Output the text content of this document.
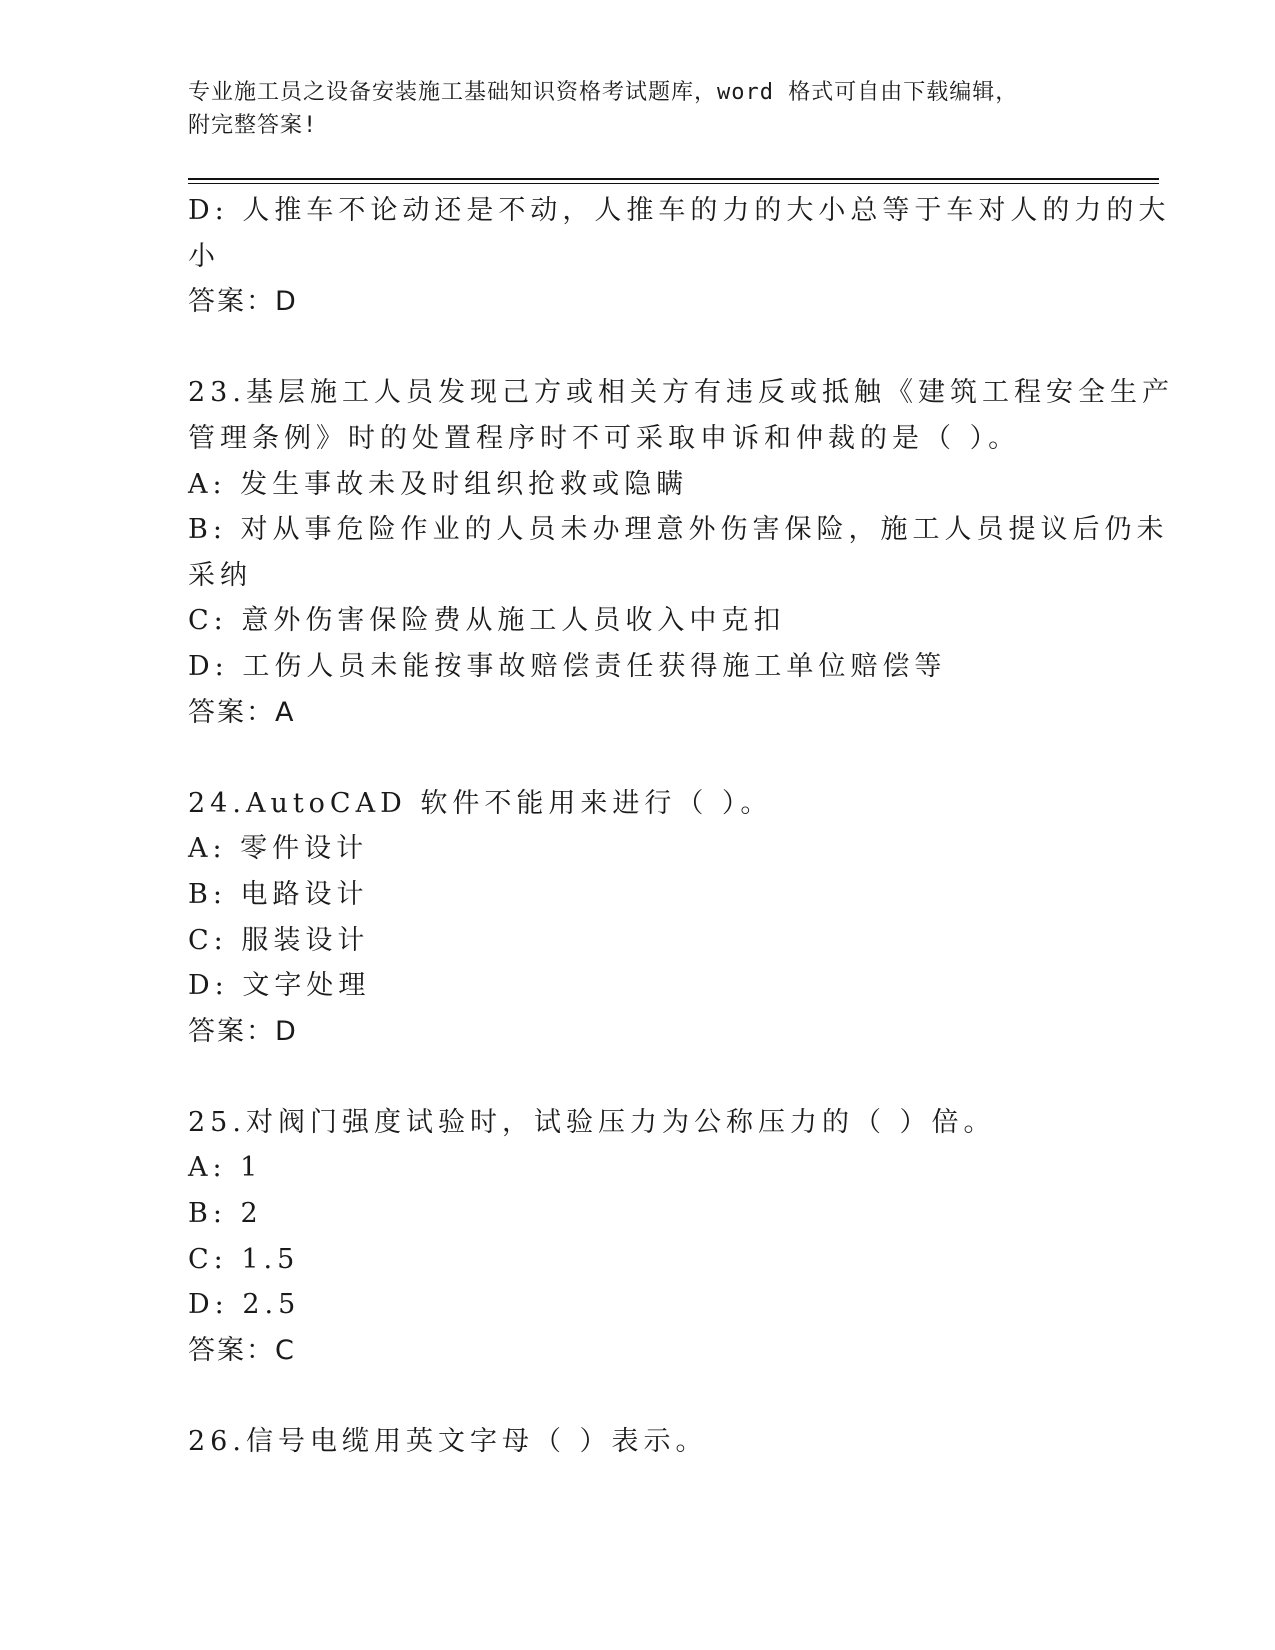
专业施工员之设备安装施工基础知识资格考试题库，word 格式可自由下载编辑，
附完整答案!
D: 人推车不论动还是不动，人推车的力的大小总等于车对人的力的大
小
答案：D
23.基层施工人员发现己方或相关方有违反或抵触《建筑工程安全生产
管理条例》时的处置程序时不可采取申诉和仲裁的是（ ）。
A: 发生事故未及时组织抢救或隐瞒
B: 对从事危险作业的人员未办理意外伤害保险，施工人员提议后仍未
采纳
C: 意外伤害保险费从施工人员收入中克扣
D: 工伤人员未能按事故赔偿责任获得施工单位赔偿等
答案：A
24.AutoCAD 软件不能用来进行（ ）。
A: 零件设计
B: 电路设计
C: 服装设计
D: 文字处理
答案：D
25.对阀门强度试验时，试验压力为公称压力的（ ）倍。
A: 1
B: 2
C: 1.5
D: 2.5
答案：C
26.信号电缆用英文字母（ ）表示。
